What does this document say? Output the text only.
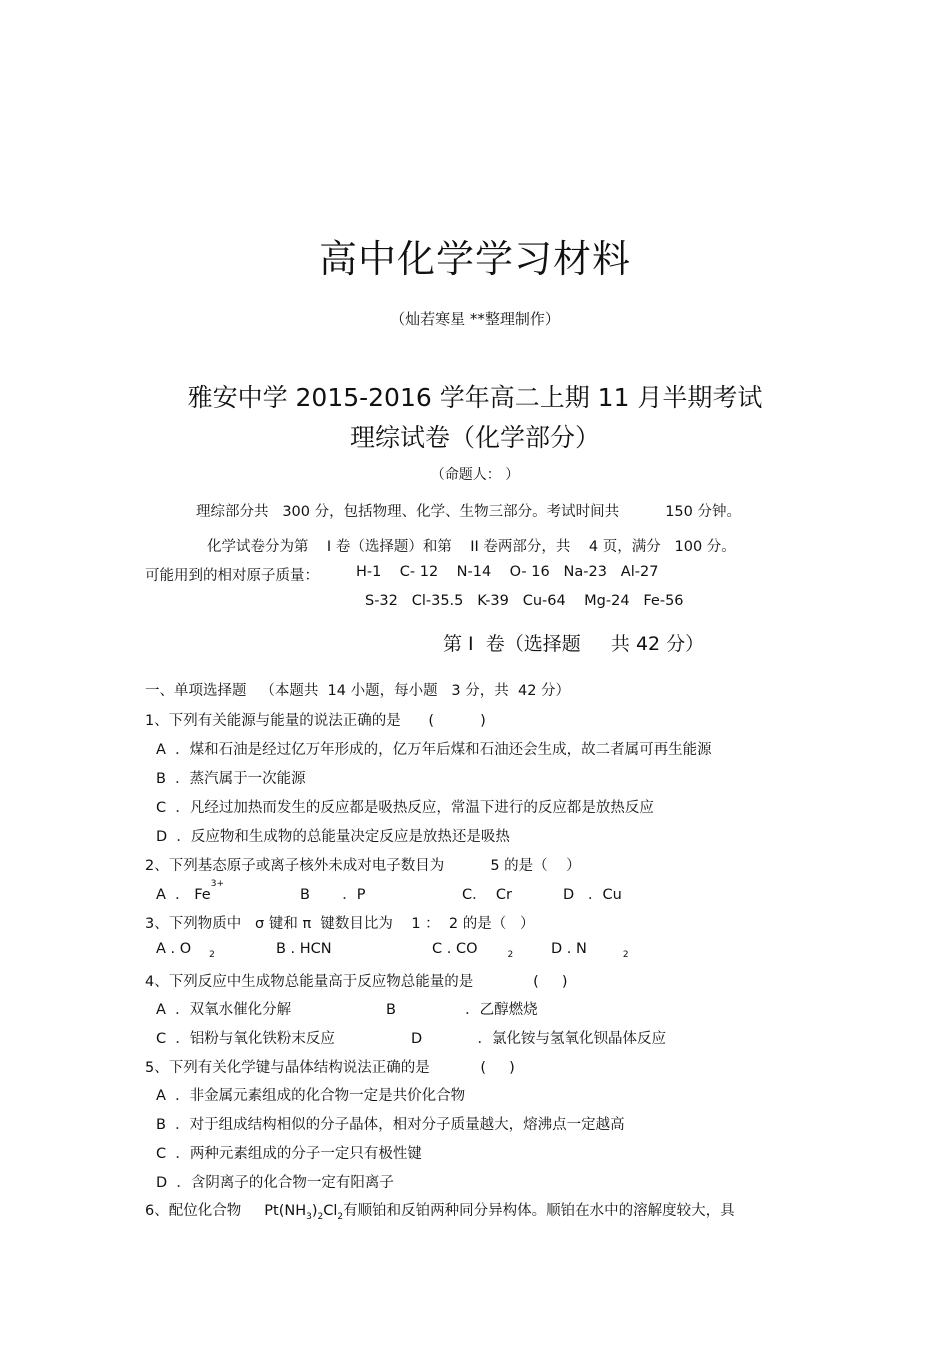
高中化学学习材料
（灿若寒星 **整理制作）
雅安中学 2015-2016 学年高二上期 11 月半期考试
理综试卷（化学部分）
（命题人： ）
理综部分共   300 分，包括物理、化学、生物三部分。考试时间共          150 分钟。
化学试卷分为第    I 卷（选择题）和第    II 卷两部分，共    4 页，满分   100 分。
可能用到的相对原子质量：	H-1    C- 12    N-14    O- 16   Na-23   Al-27
S-32   Cl-35.5   K-39   Cu-64    Mg-24   Fe-56
第 I  卷（选择题     共 42 分）
一、单项选择题   （本题共  14 小题，每小题   3 分，共  42 分）
1、下列有关能源与能量的说法正确的是      (          )
A  ．煤和石油是经过亿万年形成的，亿万年后煤和石油还会生成，故二者属可再生能源
B  ．蒸汽属于一次能源
C  ．凡经过加热而发生的反应都是吸热反应，常温下进行的反应都是放热反应
D  ．反应物和生成物的总能量决定反应是放热还是吸热
2、下列基态原子或离子核外未成对电子数目为          5 的是（    ）
A  ． $Fe^{3+}$
B       ．P	C．  Cr	D   ．Cu
3、下列物质中   σ 键和 π  键数目比为    1 ：  2 的是（   ）
A . O $_2$	B . HCN	C . CO	$_2$	D . N	$_2$
4、下列反应中生成物总能量高于反应物总能量的是             (     )
A  ．双氧水催化分解	B               ．乙醇燃烧
C  ．铝粉与氧化铁粉末反应	D            ．氯化铵与氢氧化钡晶体反应
5、下列有关化学键与晶体结构说法正确的是           (     )
A  ．非金属元素组成的化合物一定是共价化合物
B  ．对于组成结构相似的分子晶体，相对分子质量越大，熔沸点一定越高
C  ．两种元素组成的分子一定只有极性键
D  ．含阴离子的化合物一定有阳离子
6、配位化合物     $Pt(NH_3)_2Cl_2$有顺铂和反铂两种同分异构体。顺铂在水中的溶解度较大，具
